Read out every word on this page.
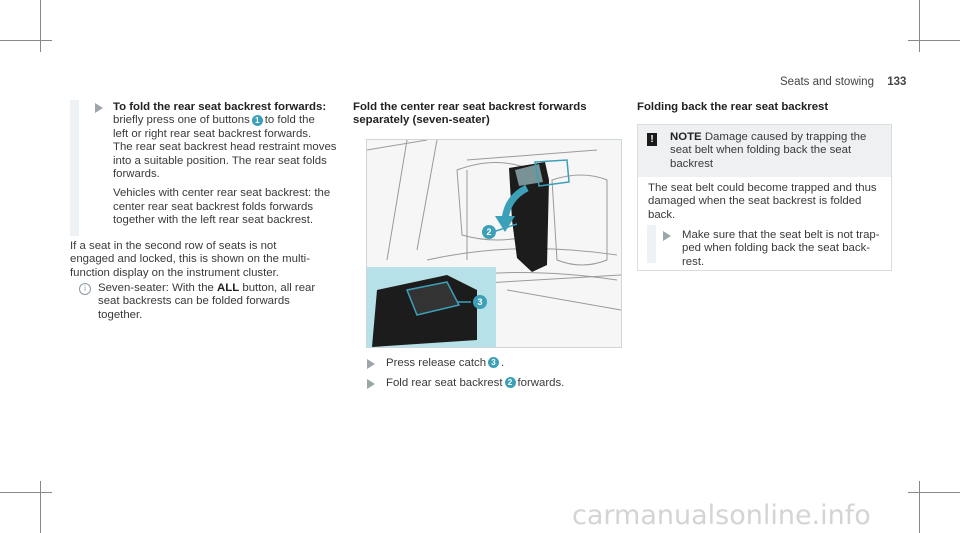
Seats and stowing 133
To fold the rear seat backrest forwards:
briefly press one of buttons 1 to fold the
left or right rear seat backrest forwards.
The rear seat backrest head restraint moves
into a suitable position. The rear seat folds
forwards.
Vehicles with center rear seat backrest: the
center rear seat backrest folds forwards
together with the left rear seat backrest.
If a seat in the second row of seats is not
engaged and locked, this is shown on the multi-
function display on the instrument cluster.
i	Seven-seater: With the ALL button, all rear
seat backrests can be folded forwards
together.
Fold the center rear seat backrest forwards
separately (seven-seater)
2
3
Press release catch 3 .
Fold rear seat backrest 2 forwards.
Folding back the rear seat backrest
! NOTE Damage caused by trapping the
seat belt when folding back the seat
backrest
The seat belt could become trapped and thus
damaged when the seat backrest is folded
back.
Make sure that the seat belt is not trap-
ped when folding back the seat back-
rest.
carmanualsonline.info
